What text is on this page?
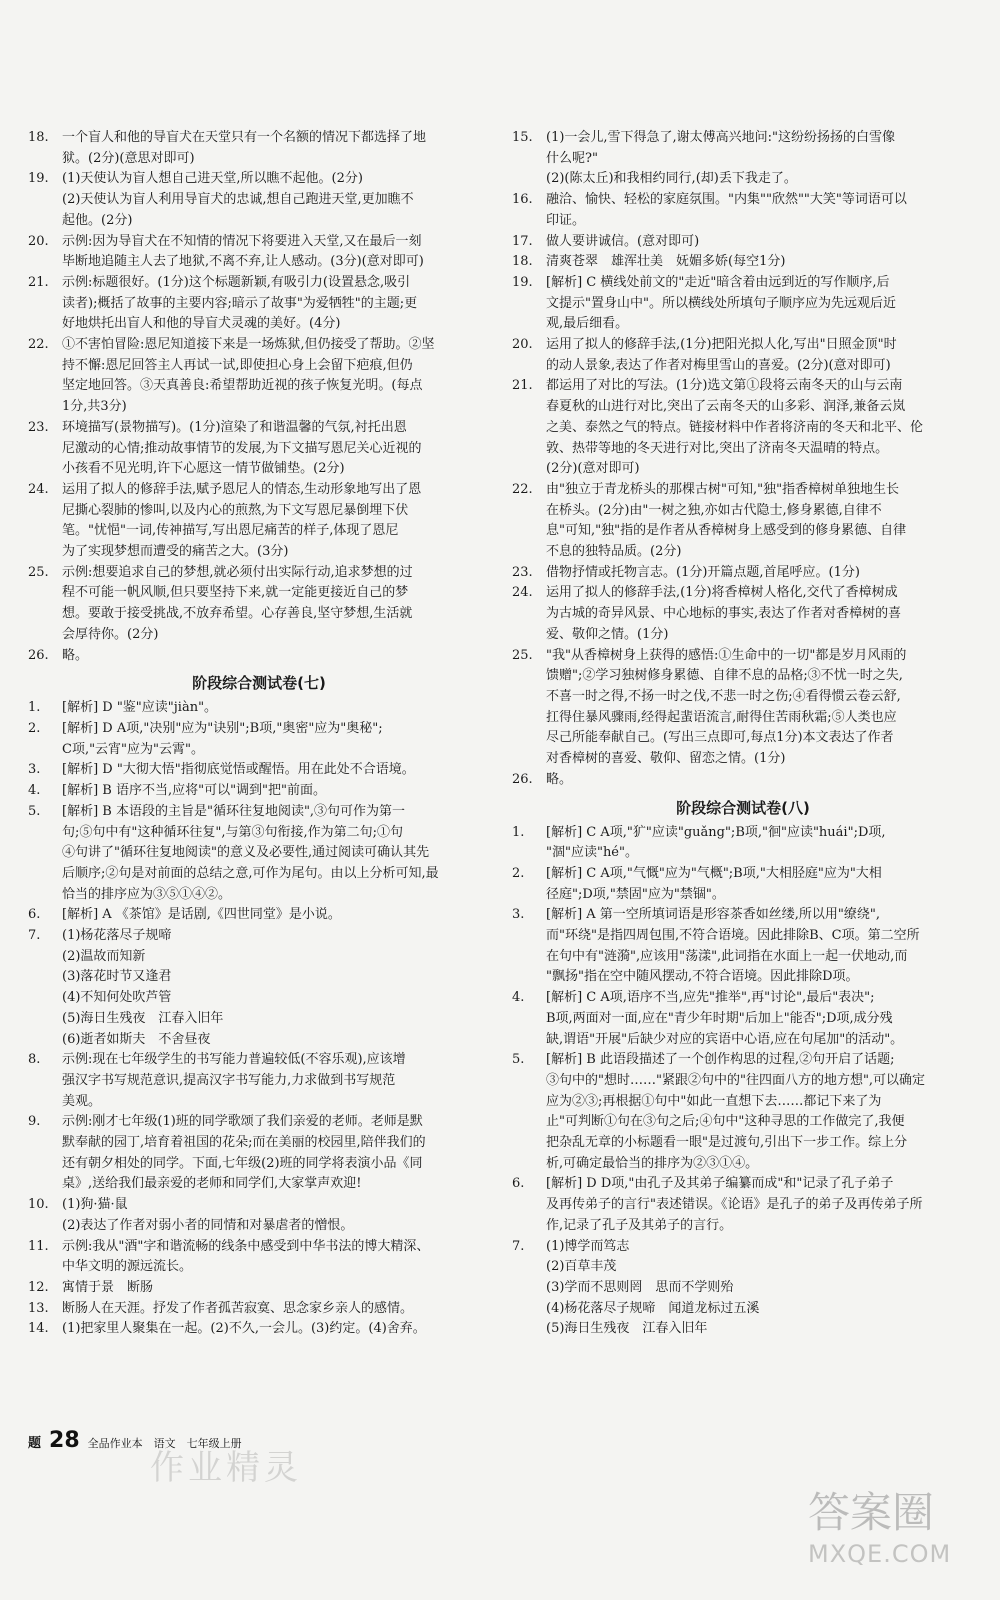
18.	一个盲人和他的导盲犬在天堂只有一个名额的情况下都选择了地
狱。(2分)(意思对即可)
19.	(1)天使认为盲人想自己进天堂,所以瞧不起他。(2分)
(2)天使认为盲人利用导盲犬的忠诚,想自己跑进天堂,更加瞧不
起他。(2分)
20.	示例:因为导盲犬在不知情的情况下将要进入天堂,又在最后一刻
毕断地追随主人去了地狱,不离不弃,让人感动。(3分)(意对即可)
21.	示例:标题很好。(1分)这个标题新颖,有吸引力(设置悬念,吸引
读者);概括了故事的主要内容;暗示了故事"为爱牺牲"的主题;更
好地烘托出盲人和他的导盲犬灵魂的美好。(4分)
22.	①不害怕冒险:恩尼知道接下来是一场炼狱,但仍接受了帮助。②坚
持不懈:恩尼回答主人再试一试,即使担心身上会留下疤痕,但仍
坚定地回答。③天真善良:希望帮助近视的孩子恢复光明。(每点
1分,共3分)
23.	环境描写(景物描写)。(1分)渲染了和谐温馨的气氛,衬托出恩
尼激动的心情;推动故事情节的发展,为下文描写恩尼关心近视的
小孩看不见光明,许下心愿这一情节做铺垫。(2分)
24.	运用了拟人的修辞手法,赋予恩尼人的情态,生动形象地写出了恩
尼撕心裂肺的惨叫,以及内心的煎熬,为下文写恩尼暴倒埋下伏
笔。"忧悒"一词,传神描写,写出恩尼痛苦的样子,体现了恩尼
为了实现梦想而遭受的痛苦之大。(3分)
25.	示例:想要追求自己的梦想,就必须付出实际行动,追求梦想的过
程不可能一帆风顺,但只要坚持下来,就一定能更接近自己的梦
想。要敢于接受挑战,不放弃希望。心存善良,坚守梦想,生活就
会厚待你。(2分)
26.	略。
阶段综合测试卷(七)
1.	[解析] D "鉴"应读"jiàn"。
2.	[解析] D A项,"决别"应为"诀别";B项,"奥密"应为"奥秘";
C项,"云宵"应为"云霄"。
3.	[解析] D "大彻大悟"指彻底觉悟或醒悟。用在此处不合语境。
4.	[解析] B 语序不当,应将"可以"调到"把"前面。
5.	[解析] B 本语段的主旨是"循环往复地阅读",③句可作为第一
句;⑤句中有"这种循环往复",与第③句衔接,作为第二句;①句
④句讲了"循环往复地阅读"的意义及必要性,通过阅读可确认其先
后顺序;②句是对前面的总结之意,可作为尾句。由以上分析可知,最
恰当的排序应为③⑤①④②。
6.	[解析] A 《茶馆》是话剧,《四世同堂》是小说。
7.	(1)杨花落尽子规啼
(2)温故而知新
(3)落花时节又逢君
(4)不知何处吹芦管
(5)海日生残夜　江春入旧年
(6)逝者如斯夫　不舍昼夜
8.	示例:现在七年级学生的书写能力普遍较低(不容乐观),应该增
强汉字书写规范意识,提高汉字书写能力,力求做到书写规范
美观。
9.	示例:刚才七年级(1)班的同学歌颂了我们亲爱的老师。老师是默
默奉献的园丁,培育着祖国的花朵;而在美丽的校园里,陪伴我们的
还有朝夕相处的同学。下面,七年级(2)班的同学将表演小品《同
桌》,送给我们最亲爱的老师和同学们,大家掌声欢迎!
10.	(1)狗·猫·鼠
(2)表达了作者对弱小者的同情和对暴虐者的憎恨。
11.	示例:我从"酒"字和谐流畅的线条中感受到中华书法的博大精深、
中华文明的源远流长。
12.	寓情于景　断肠
13.	断肠人在天涯。抒发了作者孤苦寂寞、思念家乡亲人的感情。
14.	(1)把家里人聚集在一起。(2)不久,一会儿。(3)约定。(4)舍弃。
15.	(1)一会儿,雪下得急了,谢太傅高兴地问:"这纷纷扬扬的白雪像
什么呢?"
(2)(陈太丘)和我相约同行,(却)丢下我走了。
16.	融洽、愉快、轻松的家庭氛围。"内集""欣然""大笑"等词语可以
印证。
17.	做人要讲诚信。(意对即可)
18.	清爽苍翠　雄浑壮美　妩媚多娇(每空1分)
19.	[解析] C 横线处前文的"走近"暗含着由远到近的写作顺序,后
文提示"置身山中"。所以横线处所填句子顺序应为先远观后近
观,最后细看。
20.	运用了拟人的修辞手法,(1分)把阳光拟人化,写出"日照金顶"时
的动人景象,表达了作者对梅里雪山的喜爱。(2分)(意对即可)
21.	都运用了对比的写法。(1分)选文第①段将云南冬天的山与云南
春夏秋的山进行对比,突出了云南冬天的山多彩、润泽,兼备云岚
之美、泰然之气的特点。链接材料中作者将济南的冬天和北平、伦
敦、热带等地的冬天进行对比,突出了济南冬天温晴的特点。
(2分)(意对即可)
22.	由"独立于青龙桥头的那棵古树"可知,"独"指香樟树单独地生长
在桥头。(2分)由"一树之独,亦如古代隐士,修身累德,自律不
息"可知,"独"指的是作者从香樟树身上感受到的修身累德、自律
不息的独特品质。(2分)
23.	借物抒情或托物言志。(1分)开篇点题,首尾呼应。(1分)
24.	运用了拟人的修辞手法,(1分)将香樟树人格化,交代了香樟树成
为古城的奇异风景、中心地标的事实,表达了作者对香樟树的喜
爱、敬仰之情。(1分)
25.	"我"从香樟树身上获得的感悟:①生命中的一切"都是岁月风雨的
馈赠";②学习独树修身累德、自律不息的品格;③不忧一时之失,
不喜一时之得,不扬一时之伐,不悲一时之伤;④看得惯云卷云舒,
扛得住暴风骤雨,经得起蜚语流言,耐得住苦雨秋霜;⑤人类也应
尽己所能奉献自己。(写出三点即可,每点1分)本文表达了作者
对香樟树的喜爱、敬仰、留恋之情。(1分)
26.	略。
阶段综合测试卷(八)
1.	[解析] C A项,"犷"应读"guǎng";B项,"徊"应读"huái";D项,
"涸"应读"hé"。
2.	[解析] C A项,"气慨"应为"气概";B项,"大相胫庭"应为"大相
径庭";D项,"禁固"应为"禁锢"。
3.	[解析] A 第一空所填词语是形容茶香如丝缕,所以用"缭绕",
而"环绕"是指四周包围,不符合语境。因此排除B、C项。第二空所
在句中有"涟漪",应该用"荡漾",此词指在水面上一起一伏地动,而
"飘扬"指在空中随风摆动,不符合语境。因此排除D项。
4.	[解析] C A项,语序不当,应先"推举",再"讨论",最后"表决";
B项,两面对一面,应在"青少年时期"后加上"能否";D项,成分残
缺,谓语"开展"后缺少对应的宾语中心语,应在句尾加"的活动"。
5.	[解析] B 此语段描述了一个创作构思的过程,②句开启了话题;
③句中的"想时……"紧跟②句中的"往四面八方的地方想",可以确定
应为②③;再根据①句中"如此一直想下去……都记下来了为
止"可判断①句在③句之后;④句中"这种寻思的工作做完了,我便
把杂乱无章的小标题看一眼"是过渡句,引出下一步工作。综上分
析,可确定最恰当的排序为②③①④。
6.	[解析] D D项,"由孔子及其弟子编纂而成"和"记录了孔子弟子
及再传弟子的言行"表述错误。《论语》是孔子的弟子及再传弟子所
作,记录了孔子及其弟子的言行。
7.	(1)博学而笃志
(2)百草丰茂
(3)学而不思则罔　思而不学则殆
(4)杨花落尽子规啼　闻道龙标过五溪
(5)海日生残夜　江春入旧年
题 28 全品作业本　语文　七年级上册
作业精灵
答案圈
MXQE.COM
